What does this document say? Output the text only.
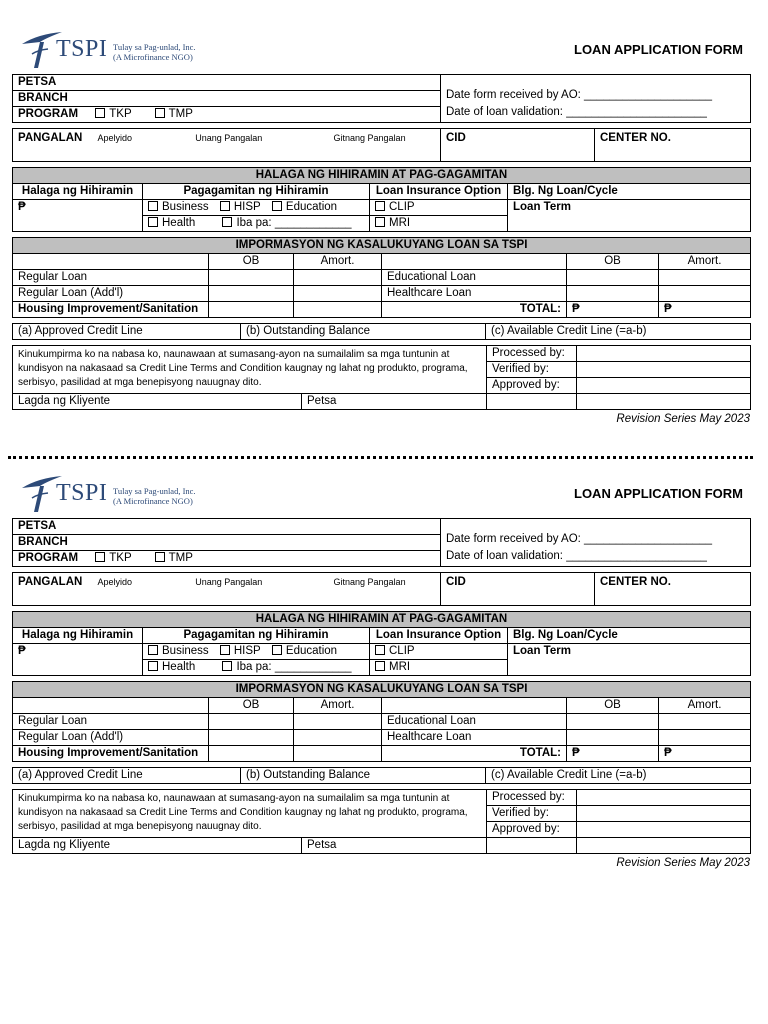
TSPI Tulay sa Pag-unlad, Inc.
(A Microfinance NGO)	LOAN APPLICATION FORM
PETSA	
Date form received by AO: ____________________
Date of loan validation: ______________________

BRANCH
PROGRAM	TKP	TMP
PANGALAN Apelyido	Unang Pangalan	Gitnang Pangalan	CID	CENTER NO.
HALAGA NG HIHIRAMIN AT PAG-GAGAMITAN			
Halaga ng Hihiramin	Pagagamitan ng Hihiramin	Loan Insurance Option	Blg. Ng Loan/Cycle
₱	Business HISP Education	CLIP	Loan Term
	Health Iba pa: ____________	MRI	
IMPORMASYON NG KASALUKUYANG LOAN SA TSPI					
	OB	Amort.		OB	Amort.
Regular Loan			Educational Loan		
Regular Loan (Add'l)			Healthcare Loan		
Housing Improvement/Sanitation			TOTAL:	₱	₱
(a) Approved Credit Line	(b) Outstanding Balance	(c) Available Credit Line (=a-b)
Kinukumpirma ko na nabasa ko, naunawaan at sumasang-ayon na sumailalim sa mga tuntunin at kundisyon na nakasaad sa Credit Line Terms and Condition kaugnay ng lahat ng produkto, programa, serbisyo, pasilidad at mga benepisyong nauugnay dito.		Processed by:	
		Verified by:	
		Approved by:	
Lagda ng Kliyente	Petsa		
Revision Series May 2023
TSPI Tulay sa Pag-unlad, Inc.
(A Microfinance NGO)	LOAN APPLICATION FORM
PETSA	
Date form received by AO: ____________________
Date of loan validation: ______________________

BRANCH
PROGRAM	TKP	TMP
PANGALAN Apelyido	Unang Pangalan	Gitnang Pangalan	CID	CENTER NO.
HALAGA NG HIHIRAMIN AT PAG-GAGAMITAN			
Halaga ng Hihiramin	Pagagamitan ng Hihiramin	Loan Insurance Option	Blg. Ng Loan/Cycle
₱	Business HISP Education	CLIP	Loan Term
	Health Iba pa: ____________	MRI	
IMPORMASYON NG KASALUKUYANG LOAN SA TSPI					
	OB	Amort.		OB	Amort.
Regular Loan			Educational Loan		
Regular Loan (Add'l)			Healthcare Loan		
Housing Improvement/Sanitation			TOTAL:	₱	₱
(a) Approved Credit Line	(b) Outstanding Balance	(c) Available Credit Line (=a-b)
Kinukumpirma ko na nabasa ko, naunawaan at sumasang-ayon na sumailalim sa mga tuntunin at kundisyon na nakasaad sa Credit Line Terms and Condition kaugnay ng lahat ng produkto, programa, serbisyo, pasilidad at mga benepisyong nauugnay dito.		Processed by:	
		Verified by:	
		Approved by:	
Lagda ng Kliyente	Petsa		
Revision Series May 2023
